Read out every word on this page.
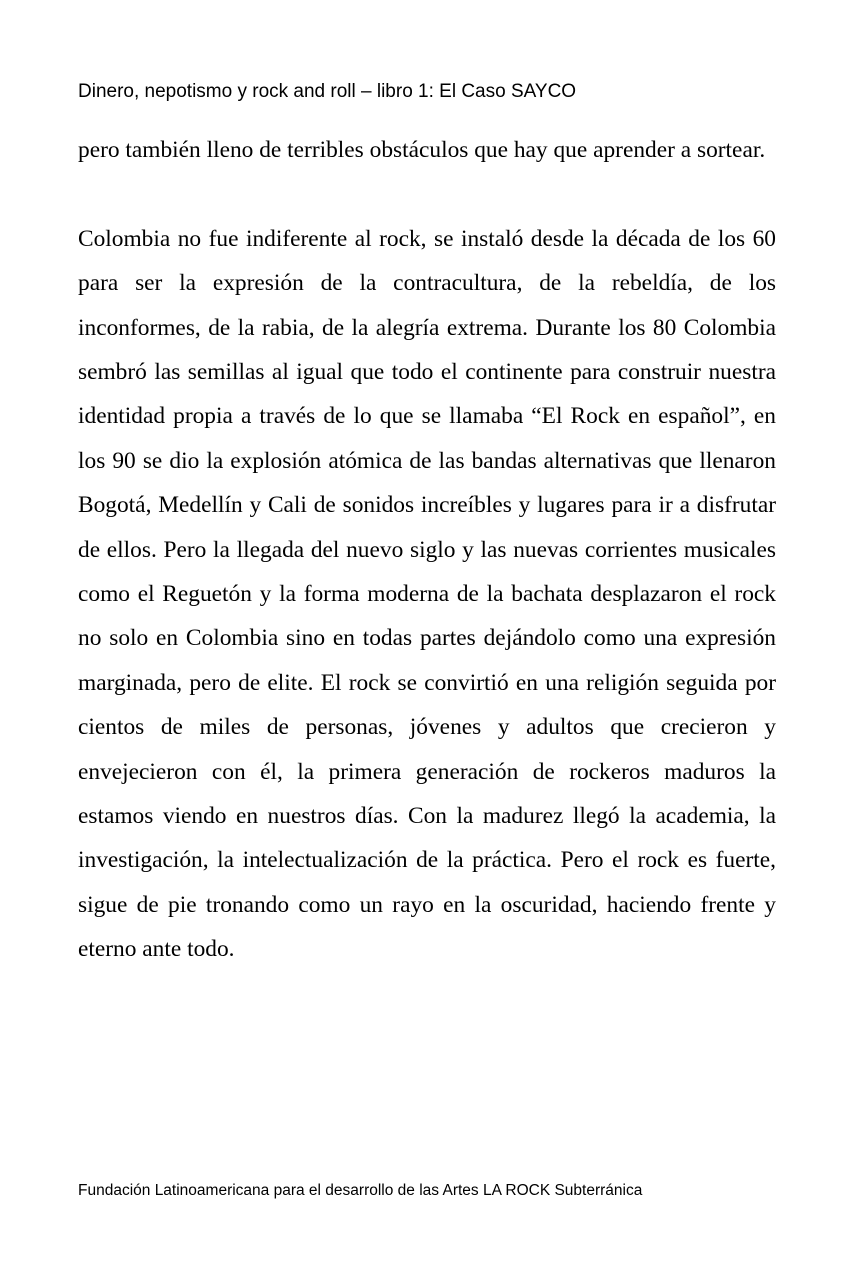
Dinero, nepotismo y rock and roll – libro 1: El Caso SAYCO

pero también lleno de terribles obstáculos que hay que aprender a sortear.

Colombia no fue indiferente al rock, se instaló desde la década de los 60 para ser la expresión de la contracultura, de la rebeldía, de los inconformes, de la rabia, de la alegría extrema. Durante los 80 Colombia sembró las semillas al igual que todo el continente para construir nuestra identidad propia a través de lo que se llamaba “El Rock en español”, en los 90 se dio la explosión atómica de las bandas alternativas que llenaron Bogotá, Medellín y Cali de sonidos increíbles y lugares para ir a disfrutar de ellos. Pero la llegada del nuevo siglo y las nuevas corrientes musicales como el Reguetón y la forma moderna de la bachata desplazaron el rock no solo en Colombia sino en todas partes dejándolo como una expresión marginada, pero de elite. El rock se convirtió en una religión seguida por cientos de miles de personas, jóvenes y adultos que crecieron y envejecieron con él, la primera generación de rockeros maduros la estamos viendo en nuestros días. Con la madurez llegó la academia, la investigación, la intelectualización de la práctica. Pero el rock es fuerte, sigue de pie tronando como un rayo en la oscuridad, haciendo frente y eterno ante todo.

Fundación Latinoamericana para el desarrollo de las Artes LA ROCK Subterránica
